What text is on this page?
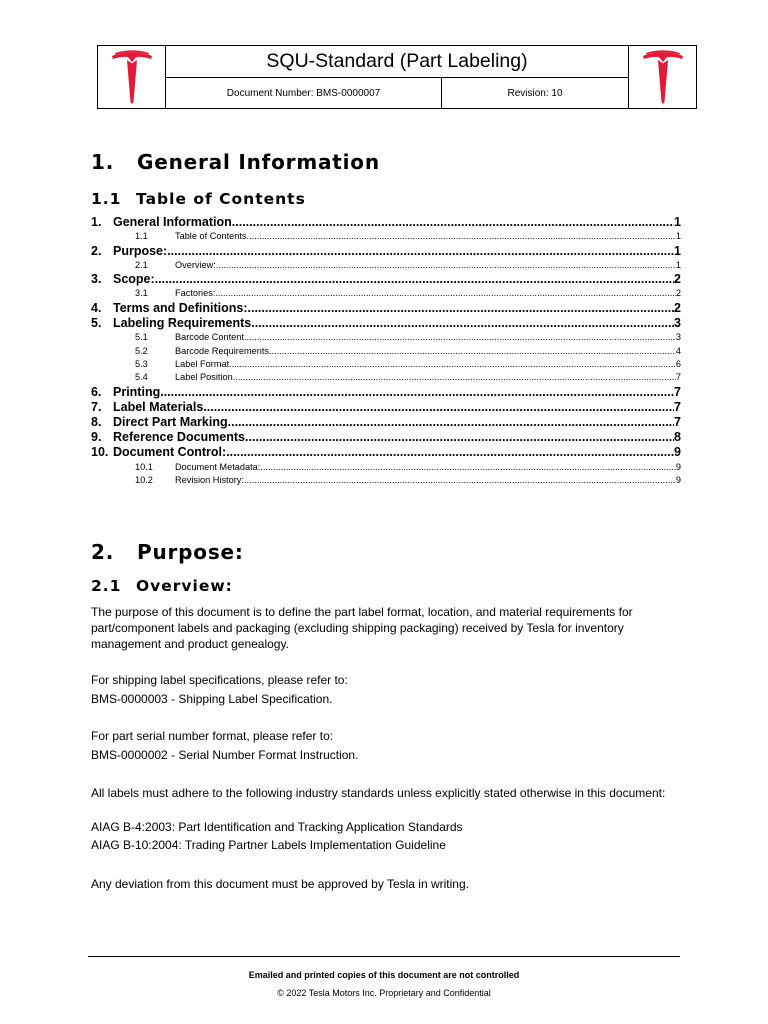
SQU-Standard (Part Labeling)
Document Number: BMS-0000007	Revision: 10
1. General Information
1.1 Table of Contents
1. General Information .....	1
1.1	Table of Contents .....	1
2. Purpose: .....	1
2.1	Overview: .....	1
3. Scope: .....	2
3.1	Factories: .....	2
4. Terms and Definitions: .....	2
5. Labeling Requirements .....	3
5.1	Barcode Content .....	3
5.2	Barcode Requirements .....	4
5.3	Label Format .....	6
5.4	Label Position .....	7
6. Printing .....	7
7. Label Materials .....	7
8. Direct Part Marking .....	7
9. Reference Documents .....	8
10. Document Control: .....	9
10.1	Document Metadata: .....	9
10.2	Revision History: .....	9
2. Purpose:
2.1 Overview:
The purpose of this document is to define the part label format, location, and material requirements for part/component labels and packaging (excluding shipping packaging) received by Tesla for inventory management and product genealogy.
For shipping label specifications, please refer to:
BMS-0000003 - Shipping Label Specification.
For part serial number format, please refer to:
BMS-0000002 - Serial Number Format Instruction.
All labels must adhere to the following industry standards unless explicitly stated otherwise in this document:
AIAG B-4:2003: Part Identification and Tracking Application Standards
AIAG B-10:2004: Trading Partner Labels Implementation Guideline
Any deviation from this document must be approved by Tesla in writing.
Emailed and printed copies of this document are not controlled
© 2022 Tesla Motors Inc. Proprietary and Confidential
